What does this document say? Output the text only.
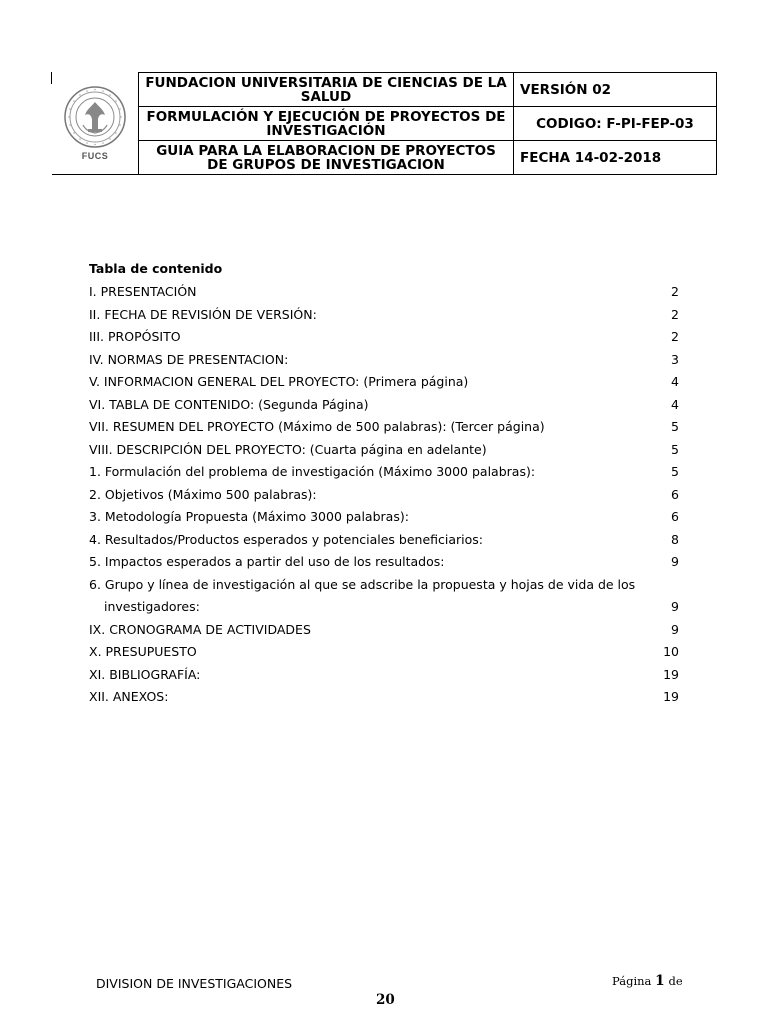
FUCS	FUNDACION UNIVERSITARIA DE CIENCIAS DE LA SALUD	VERSIÓN 02
	FORMULACIÓN Y EJECUCIÓN DE PROYECTOS DE INVESTIGACIÓN	CODIGO: F-PI-FEP-03
	GUIA PARA LA ELABORACION DE PROYECTOS DE GRUPOS DE INVESTIGACION	FECHA 14-02-2018
Tabla de contenido
I. PRESENTACIÓN	2
II. FECHA DE REVISIÓN DE VERSIÓN:	2
III. PROPÓSITO	2
IV. NORMAS DE PRESENTACION:	3
V. INFORMACION GENERAL DEL PROYECTO: (Primera página)	4
VI. TABLA DE CONTENIDO: (Segunda Página)	4
VII. RESUMEN DEL PROYECTO (Máximo de 500 palabras): (Tercer página)	5
VIII. DESCRIPCIÓN DEL PROYECTO: (Cuarta página en adelante)	5
1. Formulación del problema de investigación (Máximo 3000 palabras):	5
2. Objetivos (Máximo 500 palabras):	6
3. Metodología Propuesta (Máximo 3000 palabras):	6
4. Resultados/Productos esperados y potenciales beneficiarios:	8
5. Impactos esperados a partir del uso de los resultados:	9
6. Grupo y línea de investigación al que se adscribe la propuesta y hojas de vida de los
investigadores:	9
IX. CRONOGRAMA DE ACTIVIDADES	9
X. PRESUPUESTO	10
XI. BIBLIOGRAFÍA:	19
XII. ANEXOS:	19
DIVISION DE INVESTIGACIONES	Página 1 de
20
